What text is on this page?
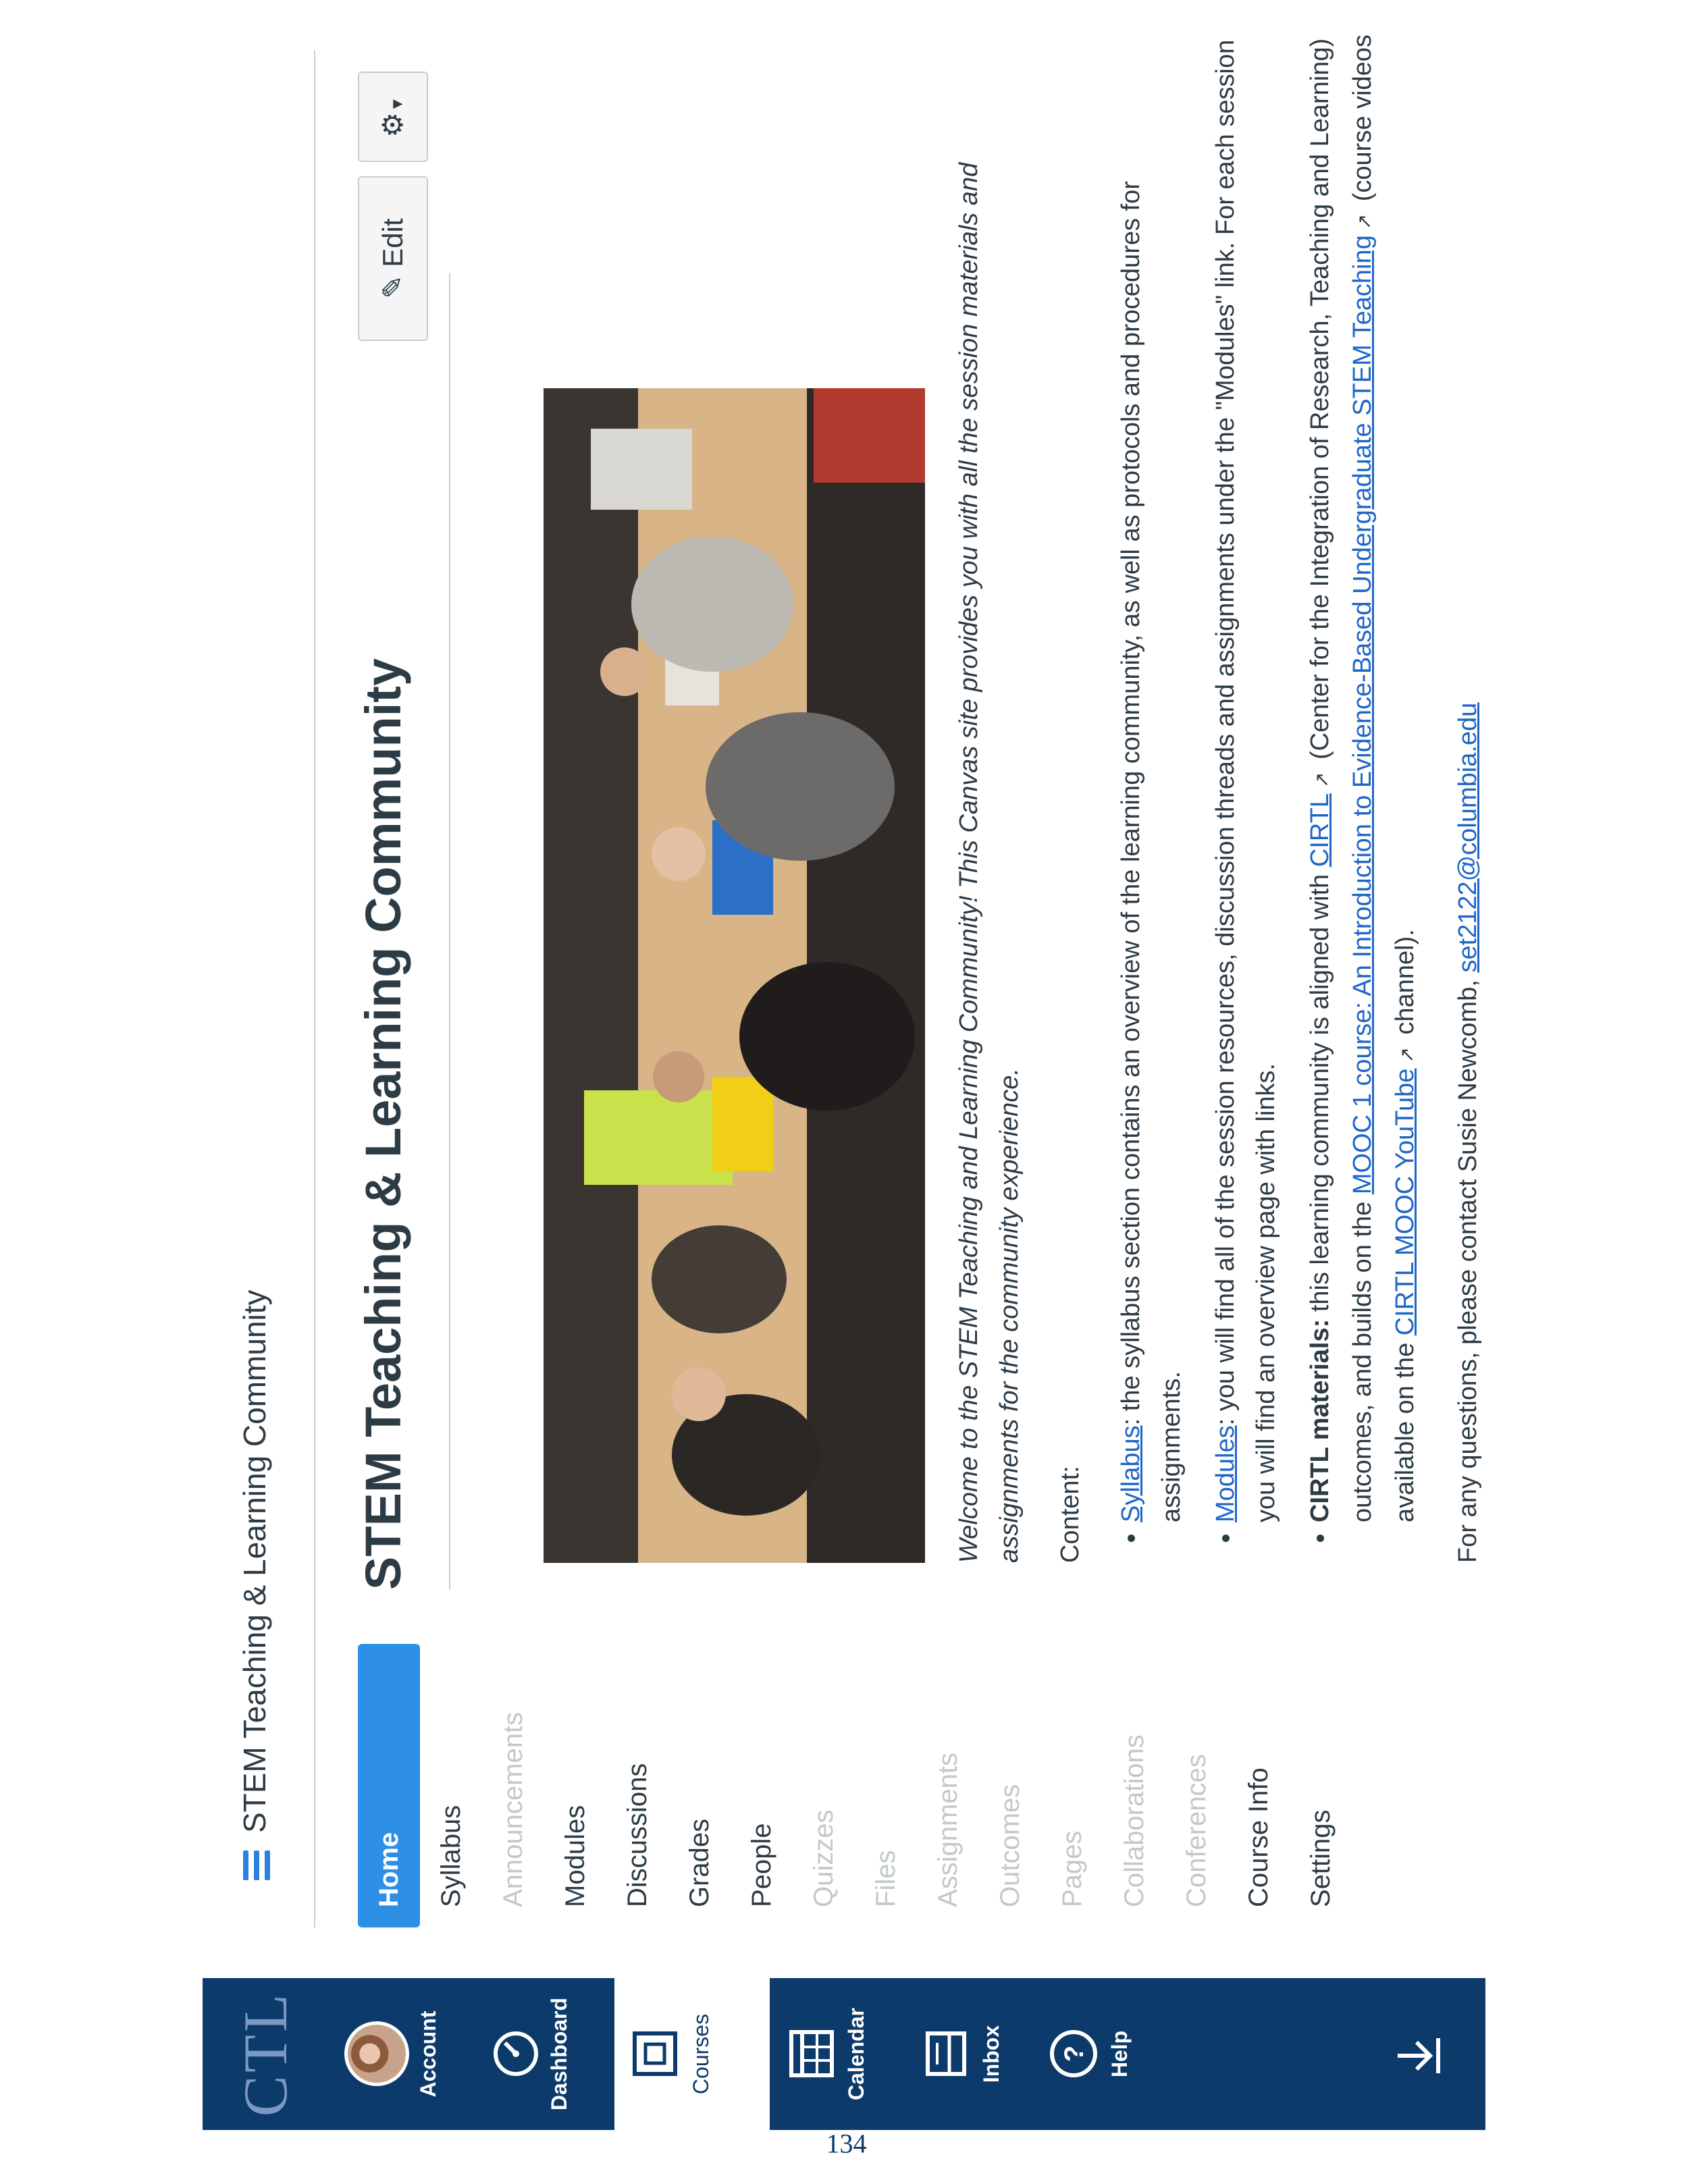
CTL	Account	Dashboard	Courses	Calendar	Inbox ? Help
STEM Teaching & Learning Community
Home	Syllabus	Announcements	Modules	Discussions	Grades	People	Quizzes	Files	Assignments	Outcomes	Pages	Collaborations	Conferences	Course Info	Settings
STEM Teaching & Learning Community
✎ Edit
⚙▼

Welcome to the STEM Teaching and Learning Community! This Canvas site provides you with all the session materials and assignments for the community experience. Content: • Syllabus: the syllabus section contains an overview of the learning community, as well as protocols and procedures for assignments. • Modules: you will find all of the session resources, discussion threads and assignments under the "Modules" link. For each session you will find an overview page with links. • CIRTL materials: this learning community is aligned with CIRTL↗ (Center for the Integration of Research, Teaching and Learning) outcomes, and builds on the MOOC 1 course: An Introduction to Evidence-Based Undergraduate STEM Teaching↗ (course videos available on the CIRTL MOOC YouTube↗ channel).	For any questions, please contact Susie Newcomb, set2122@columbia.edu

134
